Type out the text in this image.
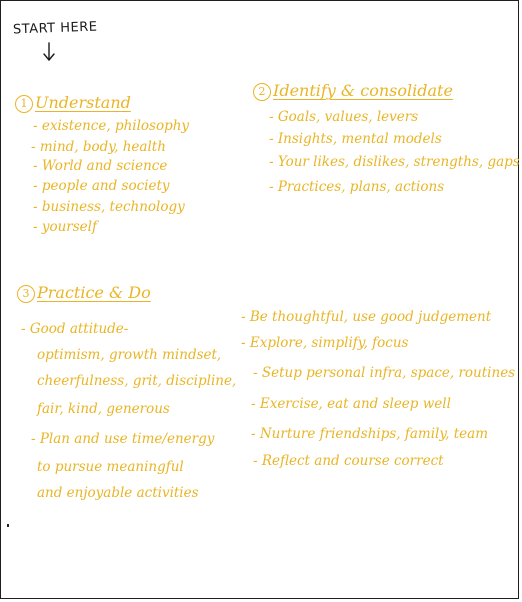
START HERE
1 Understand
- existence, philosophy
- mind, body, health
- World and science
- people and society
- business, technology
- yourself
2 Identify & consolidate
- Goals, values, levers
- Insights, mental models
- Your likes, dislikes, strengths, gaps
- Practices, plans, actions
3 Practice & Do
- Good attitude-
optimism, growth mindset,
cheerfulness, grit, discipline,
fair, kind, generous
- Plan and use time/energy
to pursue meaningful
and enjoyable activities
- Be thoughtful, use good judgement
- Explore, simplify, focus
- Setup personal infra, space, routines
- Exercise, eat and sleep well
- Nurture friendships, family, team
- Reflect and course correct
